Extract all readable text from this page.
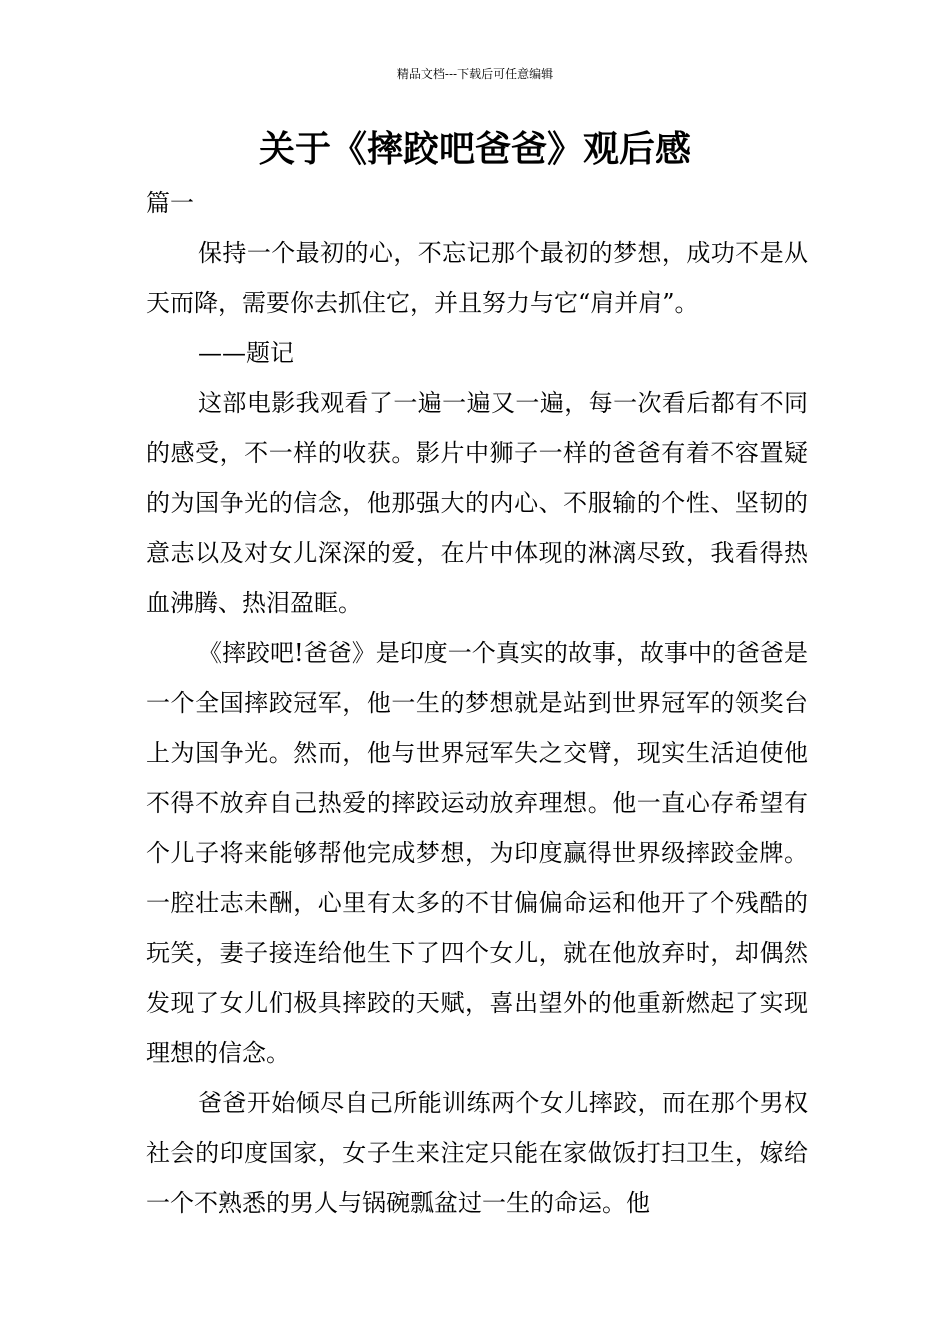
精品文档---下载后可任意编辑
关于《摔跤吧爸爸》观后感

篇一

保持一个最初的心，不忘记那个最初的梦想，成功不是从天而降，需要你去抓住它，并且努力与它“肩并肩”。

——题记

这部电影我观看了一遍一遍又一遍，每一次看后都有不同的感受，不一样的收获。影片中狮子一样的爸爸有着不容置疑的为国争光的信念，他那强大的内心、不服输的个性、坚韧的意志以及对女儿深深的爱，在片中体现的淋漓尽致，我看得热血沸腾、热泪盈眶。

《摔跤吧!爸爸》是印度一个真实的故事，故事中的爸爸是一个全国摔跤冠军，他一生的梦想就是站到世界冠军的领奖台上为国争光。然而，他与世界冠军失之交臂，现实生活迫使他不得不放弃自己热爱的摔跤运动放弃理想。他一直心存希望有个儿子将来能够帮他完成梦想，为印度赢得世界级摔跤金牌。一腔壮志未酬，心里有太多的不甘偏偏命运和他开了个残酷的玩笑，妻子接连给他生下了四个女儿，就在他放弃时，却偶然发现了女儿们极具摔跤的天赋，喜出望外的他重新燃起了实现理想的信念。

爸爸开始倾尽自己所能训练两个女儿摔跤，而在那个男权社会的印度国家，女子生来注定只能在家做饭打扫卫生，嫁给一个不熟悉的男人与锅碗瓢盆过一生的命运。他
